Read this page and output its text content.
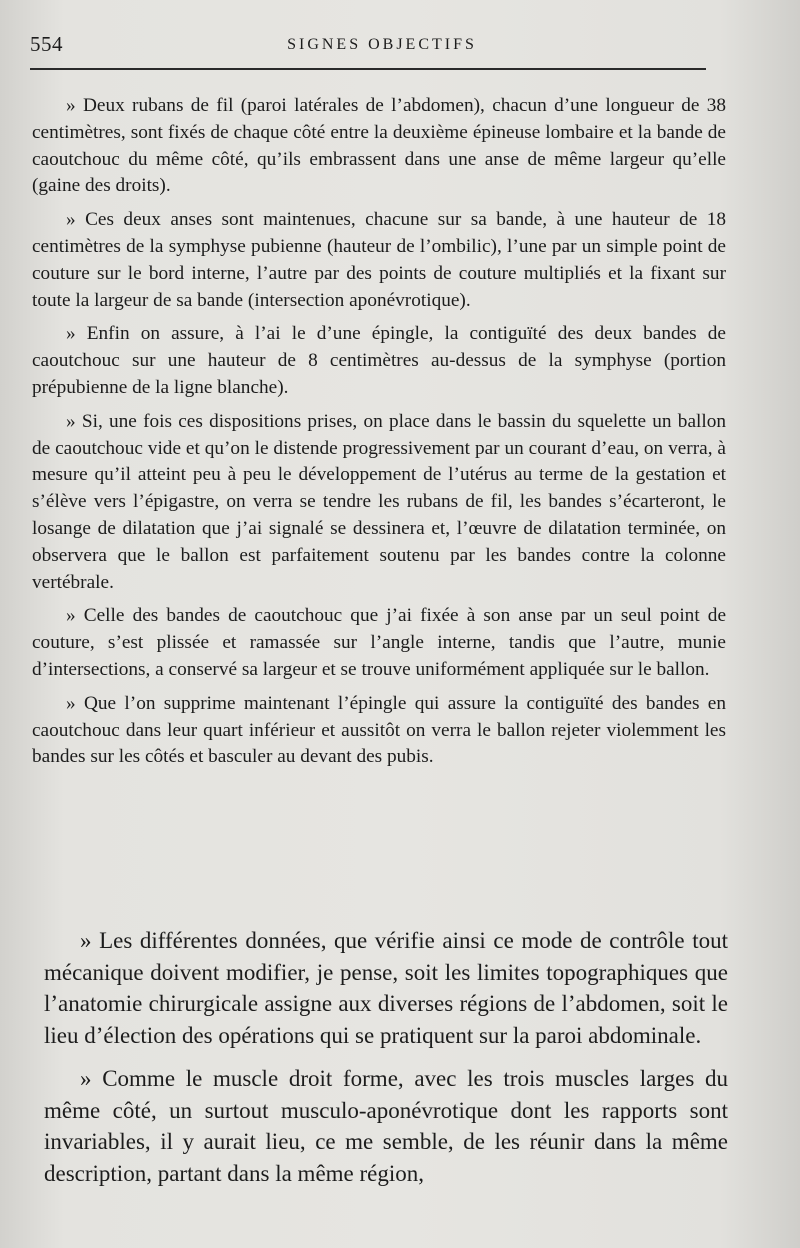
554	SIGNES OBJECTIFS

» Deux rubans de fil (paroi latérales de l’abdomen), chacun d’une longueur de 38 centimètres, sont fixés de chaque côté entre la deuxième épineuse lombaire et la bande de caoutchouc du même côté, qu’ils embrassent dans une anse de même largeur qu’elle (gaine des droits).

» Ces deux anses sont maintenues, chacune sur sa bande, à une hauteur de 18 centimètres de la symphyse pubienne (hauteur de l’ombilic), l’une par un simple point de couture sur le bord interne, l’autre par des points de couture multipliés et la fixant sur toute la largeur de sa bande (intersection aponévrotique).

» Enfin on assure, à l’ai le d’une épingle, la contiguïté des deux bandes de caoutchouc sur une hauteur de 8 centimètres au-dessus de la symphyse (portion prépubienne de la ligne blanche).

» Si, une fois ces dispositions prises, on place dans le bassin du squelette un ballon de caoutchouc vide et qu’on le distende progressivement par un courant d’eau, on verra, à mesure qu’il atteint peu à peu le développement de l’utérus au terme de la gestation et s’élève vers l’épigastre, on verra se tendre les rubans de fil, les bandes s’écarteront, le losange de dilatation que j’ai signalé se dessinera et, l’œuvre de dilatation terminée, on observera que le ballon est parfaitement soutenu par les bandes contre la colonne vertébrale.

» Celle des bandes de caoutchouc que j’ai fixée à son anse par un seul point de couture, s’est plissée et ramassée sur l’angle interne, tandis que l’autre, munie d’intersections, a conservé sa largeur et se trouve uniformément appliquée sur le ballon.

» Que l’on supprime maintenant l’épingle qui assure la contiguïté des bandes en caoutchouc dans leur quart inférieur et aussitôt on verra le ballon rejeter violemment les bandes sur les côtés et basculer au devant des pubis.

» Les différentes données, que vérifie ainsi ce mode de contrôle tout mécanique doivent modifier, je pense, soit les limites topographiques que l’anatomie chirurgicale assigne aux diverses régions de l’abdomen, soit le lieu d’élection des opérations qui se pratiquent sur la paroi abdominale.

» Comme le muscle droit forme, avec les trois muscles larges du même côté, un surtout musculo-aponévrotique dont les rapports sont invariables, il y aurait lieu, ce me semble, de les réunir dans la même description, partant dans la même région,
